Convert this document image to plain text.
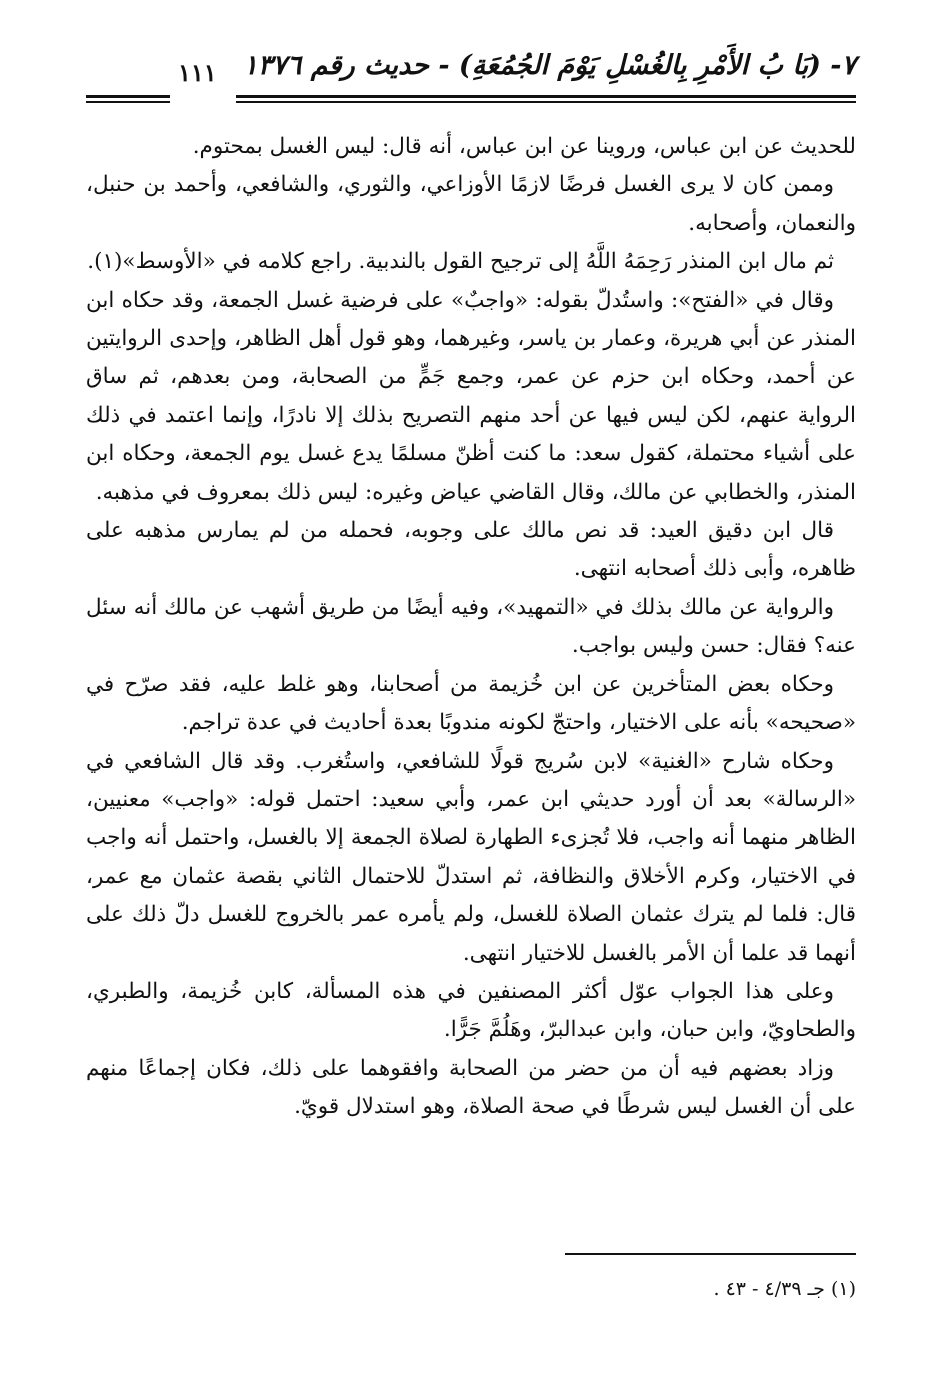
٧- (بَا بُ الأَمْرِ بِالغُسْلِ يَوْمَ الجُمُعَةِ) - حديث رقم ١٣٧٦
١١١

للحديث عن ابن عباس، وروينا عن ابن عباس، أنه قال: ليس الغسل بمحتوم.

وممن كان لا يرى الغسل فرضًا لازمًا الأوزاعي، والثوري، والشافعي، وأحمد بن حنبل، والنعمان، وأصحابه.

ثم مال ابن المنذر رَحِمَهُ اللَّهُ إلى ترجيح القول بالندبية. راجع كلامه في «الأوسط»(١).

وقال في «الفتح»: واستُدلّ بقوله: «واجبٌ» على فرضية غسل الجمعة، وقد حكاه ابن المنذر عن أبي هريرة، وعمار بن ياسر، وغيرهما، وهو قول أهل الظاهر، وإحدى الروايتين عن أحمد، وحكاه ابن حزم عن عمر، وجمع جَمٍّ من الصحابة، ومن بعدهم، ثم ساق الرواية عنهم، لكن ليس فيها عن أحد منهم التصريح بذلك إلا نادرًا، وإنما اعتمد في ذلك على أشياء محتملة، كقول سعد: ما كنت أظنّ مسلمًا يدع غسل يوم الجمعة، وحكاه ابن المنذر، والخطابي عن مالك، وقال القاضي عياض وغيره: ليس ذلك بمعروف في مذهبه.

قال ابن دقيق العيد: قد نص مالك على وجوبه، فحمله من لم يمارس مذهبه على ظاهره، وأبى ذلك أصحابه انتهى.

والرواية عن مالك بذلك في «التمهيد»، وفيه أيضًا من طريق أشهب عن مالك أنه سئل عنه؟ فقال: حسن وليس بواجب.

وحكاه بعض المتأخرين عن ابن خُزيمة من أصحابنا، وهو غلط عليه، فقد صرّح في «صحيحه» بأنه على الاختيار، واحتجّ لكونه مندوبًا بعدة أحاديث في عدة تراجم.

وحكاه شارح «الغنية» لابن سُريج قولًا للشافعي، واستُغرب. وقد قال الشافعي في «الرسالة» بعد أن أورد حديثي ابن عمر، وأبي سعيد: احتمل قوله: «واجب» معنيين، الظاهر منهما أنه واجب، فلا تُجزىء الطهارة لصلاة الجمعة إلا بالغسل، واحتمل أنه واجب في الاختيار، وكرم الأخلاق والنظافة، ثم استدلّ للاحتمال الثاني بقصة عثمان مع عمر، قال: فلما لم يترك عثمان الصلاة للغسل، ولم يأمره عمر بالخروج للغسل دلّ ذلك على أنهما قد علما أن الأمر بالغسل للاختيار انتهى.

وعلى هذا الجواب عوّل أكثر المصنفين في هذه المسألة، كابن خُزيمة، والطبري، والطحاويّ، وابن حبان، وابن عبدالبرّ، وهَلُمَّ جَرًّا.

وزاد بعضهم فيه أن من حضر من الصحابة وافقوهما على ذلك، فكان إجماعًا منهم على أن الغسل ليس شرطًا في صحة الصلاة، وهو استدلال قويّ.

(١) جـ ٤/٣٩ - ٤٣ .
